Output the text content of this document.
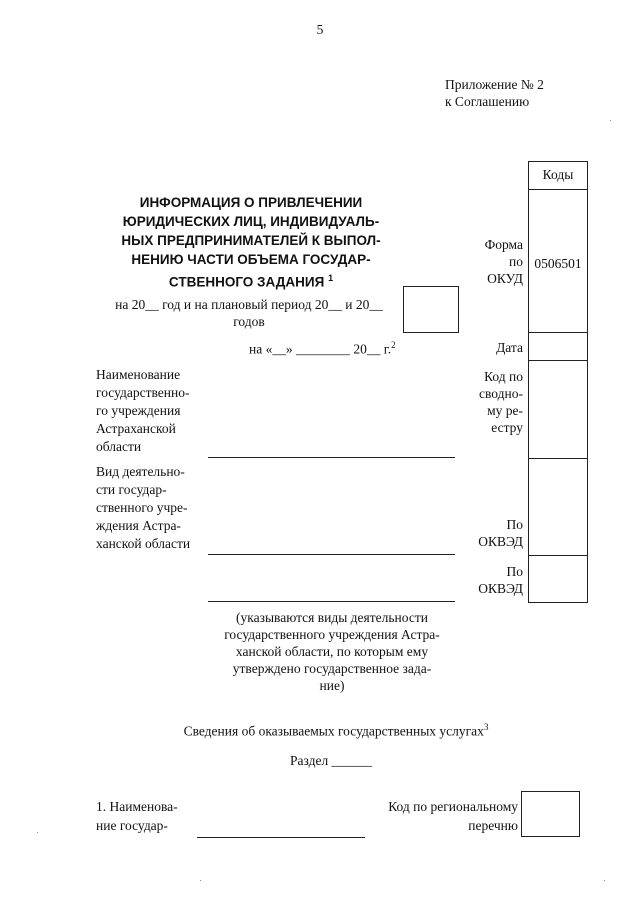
5
Приложение № 2
к Соглашению
ИНФОРМАЦИЯ О ПРИВЛЕЧЕНИИ
ЮРИДИЧЕСКИХ ЛИЦ, ИНДИВИДУАЛЬ-
НЫХ ПРЕДПРИНИМАТЕЛЕЙ К ВЫПОЛ-
НЕНИЮ ЧАСТИ ОБЪЕМА ГОСУДАР-
СТВЕННОГО ЗАДАНИЯ $^1$
на 20__ год и на плановый период 20__ и 20__
годов
на «__» ________ 20__ г.$^2$
Коды
0506501
Форма
по
ОКУД
Дата
Код по
сводно-
му ре-
естру
По
ОКВЭД
По
ОКВЭД
Наименование
государственно-
го учреждения
Астраханской
области
Вид деятельно-
сти государ-
ственного учре-
ждения Астра-
ханской области
(указываются виды деятельности
государственного учреждения Астра-
ханской области, по которым ему
утверждено государственное зада-
ние)
Сведения об оказываемых государственных услугах$^3$
Раздел ______
1. Наименова-
ние государ-
Код по региональному
перечню
